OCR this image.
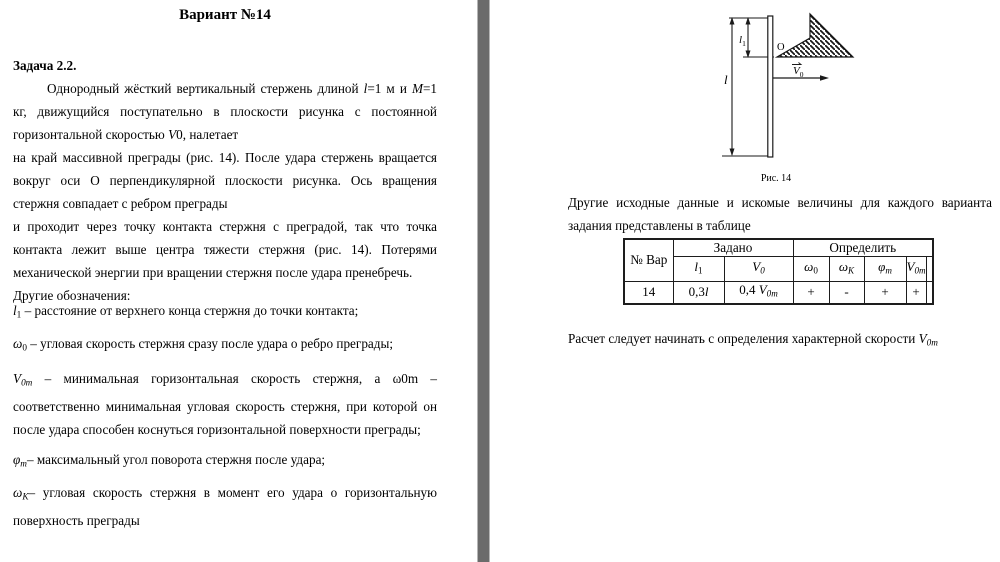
Вариант №14
Задача 2.2.

Однородный жёсткий вертикальный стержень длиной l=1 м и M=1 кг, движущийся поступательно в плоскости рисунка с постоянной горизонтальной скоростью V0, налетает

на край массивной преграды (рис. 14). После удара стержень вращается вокруг оси О перпендикулярной плоскости рисунка. Ось вращения стержня совпадает с ребром преграды

и проходит через точку контакта стержня с преградой, так что точка контакта лежит выше центра тяжести стержня (рис. 14). Потерями механической энергии при вращении стержня после удара пренебречь.

Другие обозначения:

l1 – расстояние от верхнего конца стержня до точки контакта;

ω0 – угловая скорость стержня сразу после удара о ребро преграды;

V0m – минимальная горизонтальная скорость стержня, а ω0m – соответственно минимальная угловая скорость стержня, при которой он после удара способен коснуться горизонтальной поверхности преграды;

φm– максимальный угол поворота стержня после удара;

ωK– угловая скорость стержня в момент его удара о горизонтальную поверхность преграды

l
$l_1$	O
$V_0$
Рис. 14

Другие исходные данные и искомые величины для каждого варианта задания представлены в таблице

№ Вар	Задано		Определить				
	l1	V0	ω0	ωK	φm	V0m	
14	0,3l	0,4 V0m	+	-	+	+	

Расчет следует начинать с определения характерной скорости V0m
